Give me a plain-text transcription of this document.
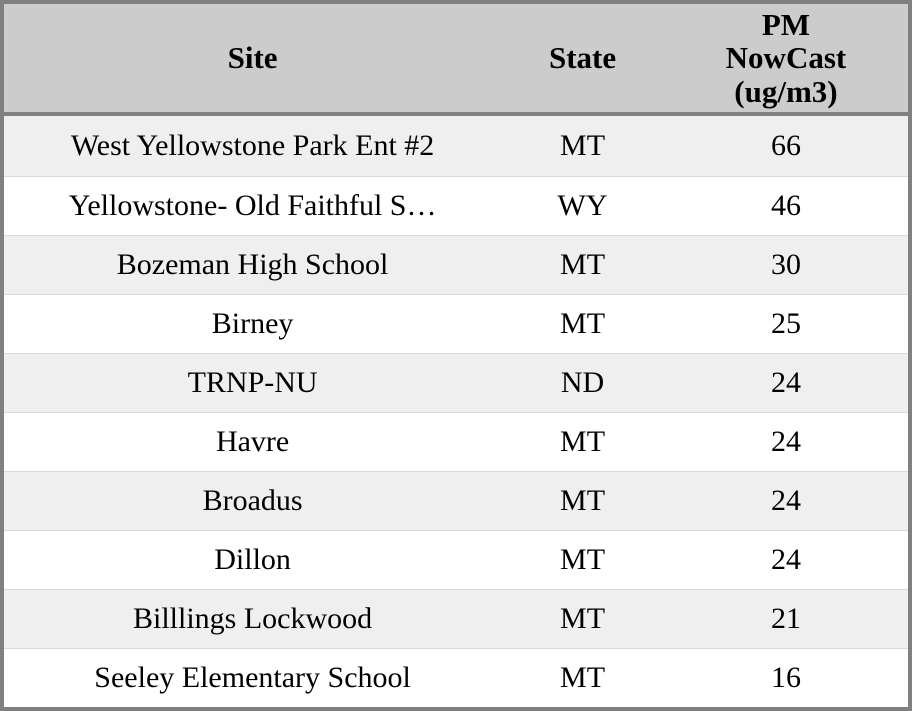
Site	State	PM
NowCast
(ug/m3)

West Yellowstone Park Ent #2	MT	66
Yellowstone- Old Faithful S…	WY	46
Bozeman High School	MT	30
Birney	MT	25
TRNP-NU	ND	24
Havre	MT	24
Broadus	MT	24
Dillon	MT	24
Billlings Lockwood	MT	21
Seeley Elementary School	MT	16
